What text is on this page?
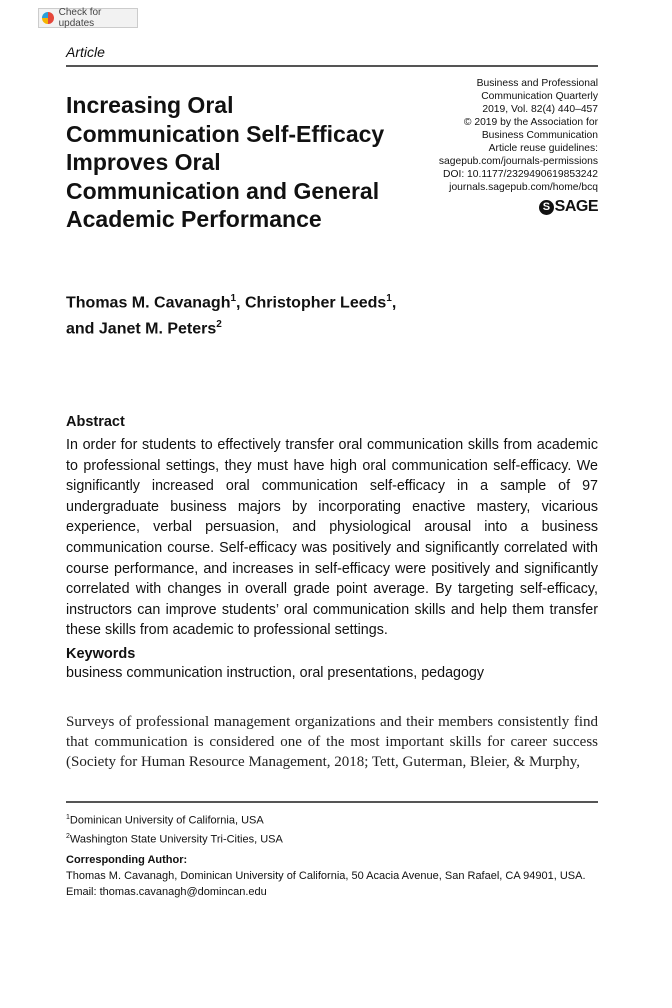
Check for updates
Article
Increasing Oral Communication Self-Efficacy Improves Oral Communication and General Academic Performance
Business and Professional
Communication Quarterly
2019, Vol. 82(4) 440–457
© 2019 by the Association for
Business Communication
Article reuse guidelines:
sagepub.com/journals-permissions
DOI: 10.1177/2329490619853242
journals.sagepub.com/home/bcq
S SAGE
Thomas M. Cavanagh$^1$, Christopher Leeds$^1$,
and Janet M. Peters$^2$
Abstract
In order for students to effectively transfer oral communication skills from academic to professional settings, they must have high oral communication self-efficacy. We significantly increased oral communication self-efficacy in a sample of 97 undergraduate business majors by incorporating enactive mastery, vicarious experience, verbal persuasion, and physiological arousal into a business communication course. Self-efficacy was positively and significantly correlated with course performance, and increases in self-efficacy were positively and significantly correlated with changes in overall grade point average. By targeting self-efficacy, instructors can improve students’ oral communication skills and help them transfer these skills from academic to professional settings.
Keywords
business communication instruction, oral presentations, pedagogy
Surveys of professional management organizations and their members consistently find that communication is considered one of the most important skills for career success (Society for Human Resource Management, 2018; Tett, Guterman, Bleier, & Murphy,
$^1$Dominican University of California, USA
$^2$Washington State University Tri-Cities, USA
Corresponding Author:
Thomas M. Cavanagh, Dominican University of California, 50 Acacia Avenue, San Rafael, CA 94901, USA.
Email: thomas.cavanagh@domincan.edu
